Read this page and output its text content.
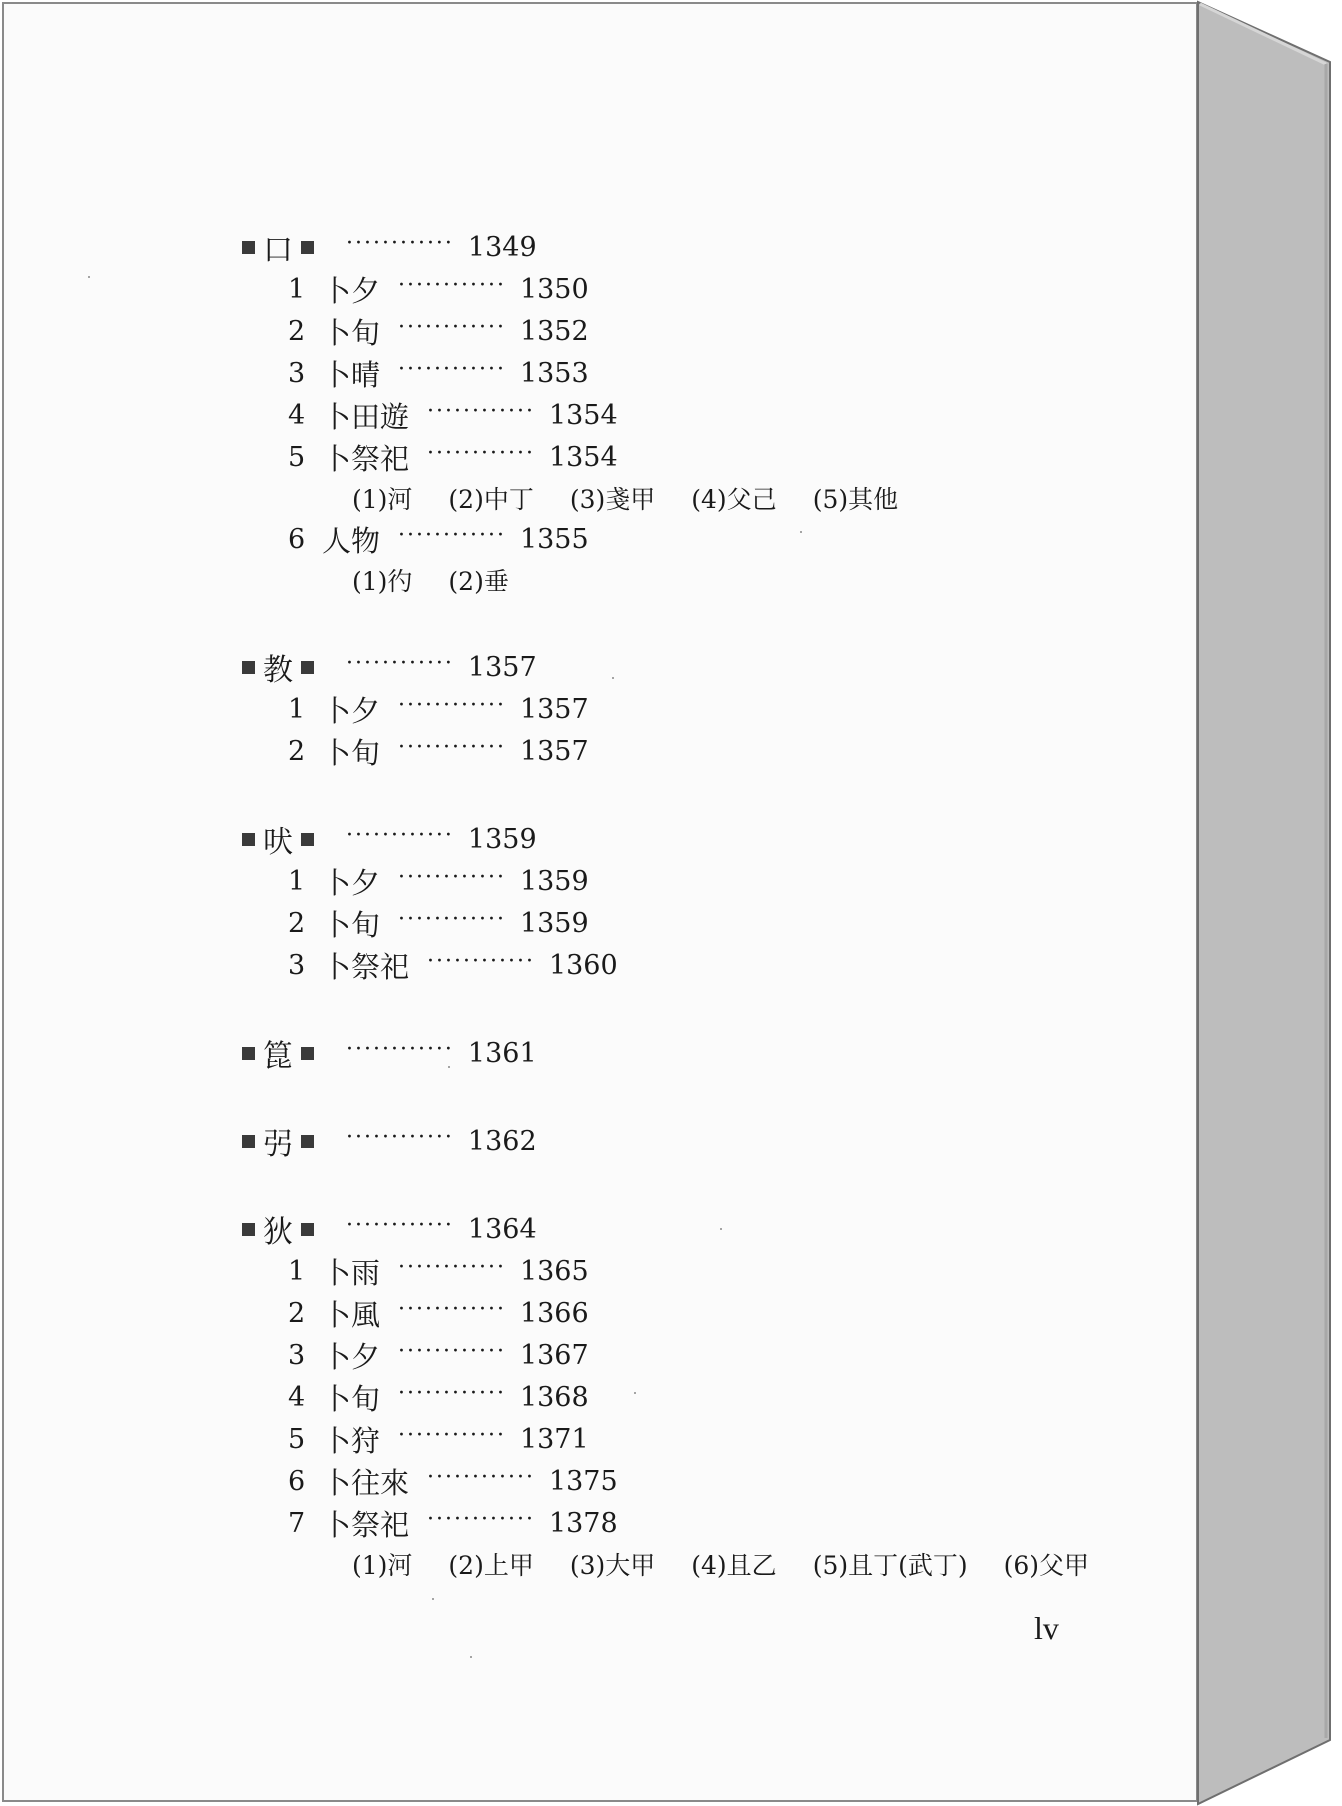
口 ············ 1349
1 卜夕 ············ 1350
2 卜旬 ············ 1352
3 卜晴 ············ 1353
4 卜田遊 ············ 1354
5 卜祭祀 ············ 1354
(1)河 (2)中丁 (3)戔甲 (4)父己 (5)其他
6 人物 ············ 1355
(1)彴 (2)垂
教 ············ 1357
1 卜夕 ············ 1357
2 卜旬 ············ 1357
吠 ············ 1359
1 卜夕 ············ 1359
2 卜旬 ············ 1359
3 卜祭祀 ············ 1360
箟 ············ 1361
弜 ············ 1362
狄 ············ 1364
1 卜雨 ············ 1365
2 卜風 ············ 1366
3 卜夕 ············ 1367
4 卜旬 ············ 1368
5 卜狩 ············ 1371
6 卜往來 ············ 1375
7 卜祭祀 ············ 1378
(1)河 (2)上甲 (3)大甲 (4)且乙 (5)且丁(武丁) (6)父甲
lv
